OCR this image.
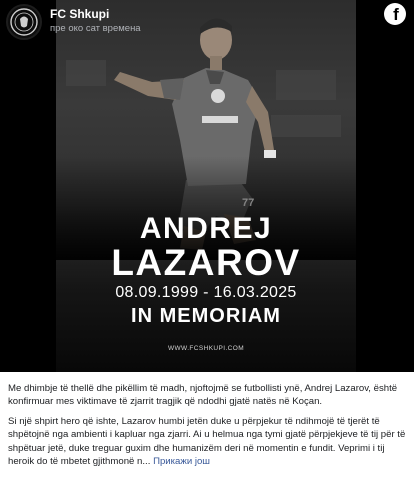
ANDREJ
LAZAROV
08.09.1999 - 16.03.2025
IN MEMORIAM
WWW.FCSHKUPI.COM
FC Shkupi
пре око сат времена
f

Me dhimbje të thellë dhe pikëllim të madh, njoftojmë se futbollisti ynë, Andrej Lazarov, është konfirmuar mes viktimave të zjarrit tragjik që ndodhi gjatë natës në Koçan.

Si një shpirt hero që ishte, Lazarov humbi jetën duke u përpjekur të ndihmojë të tjerët të shpëtojnë nga ambienti i kapluar nga zjarri. Ai u helmua nga tymi gjatë përpjekjeve të tij për të shpëtuar jetë, duke treguar guxim dhe humanizëm deri në momentin e fundit. Veprimi i tij heroik do të mbetet gjithmonë n... Прикажи још
